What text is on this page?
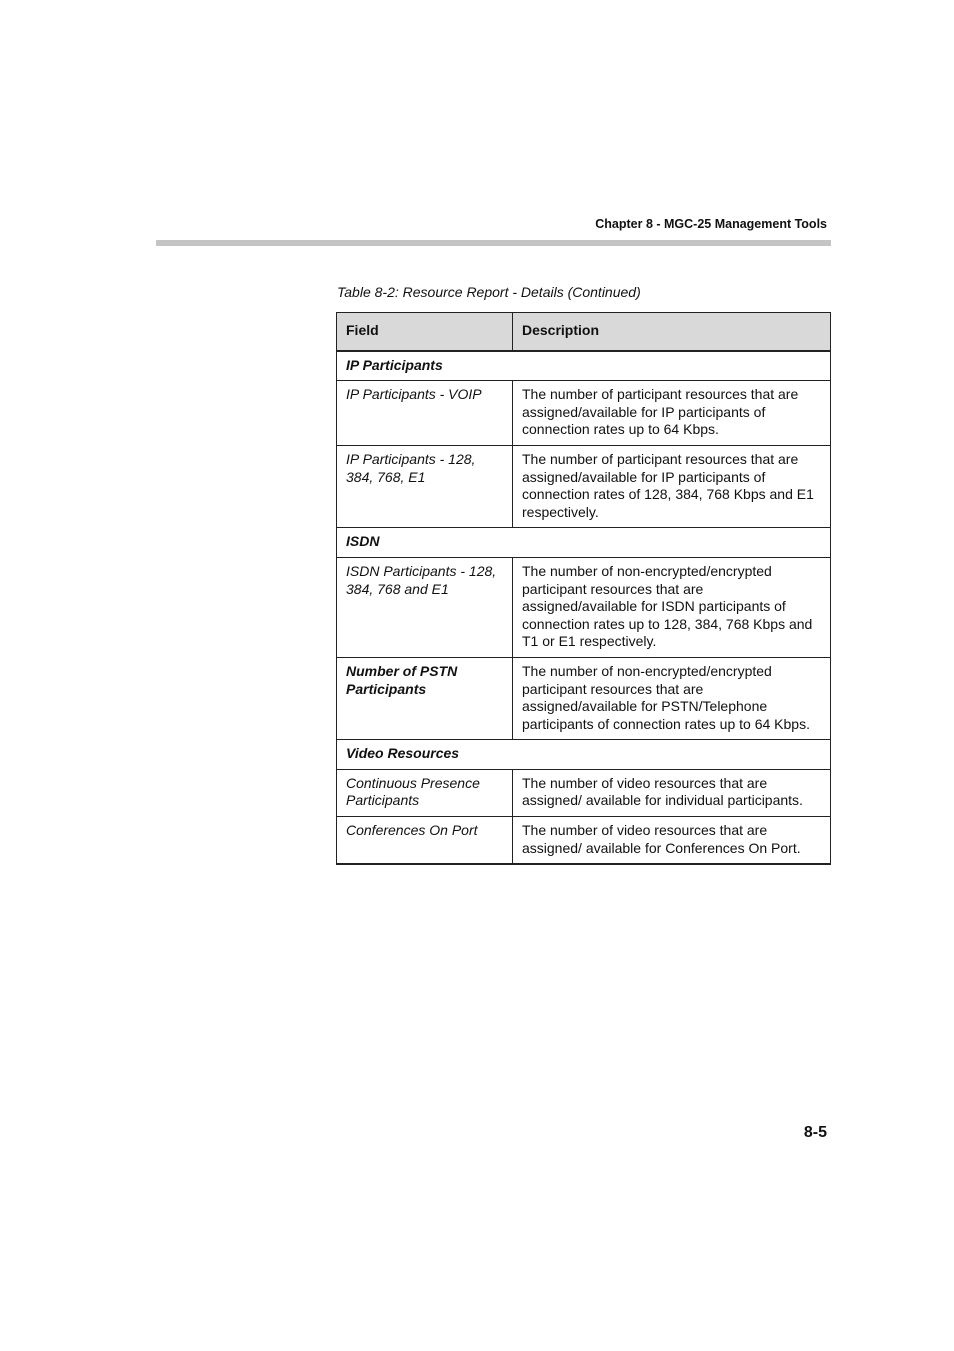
Chapter 8 - MGC-25 Management Tools
Table 8-2: Resource Report - Details (Continued)
Field	Description
IP Participants	
IP Participants - VOIP	The number of participant resources that are assigned/available for IP participants of connection rates up to 64 Kbps.
IP Participants - 128, 384, 768, E1	The number of participant resources that are assigned/available for IP participants of connection rates of 128, 384, 768 Kbps and E1 respectively.
ISDN	
ISDN Participants - 128, 384, 768 and E1	The number of non-encrypted/encrypted participant resources that are assigned/available for ISDN participants of connection rates up to 128, 384, 768 Kbps and T1 or E1 respectively.
Number of PSTN Participants	The number of non-encrypted/encrypted participant resources that are assigned/available for PSTN/Telephone participants of connection rates up to 64 Kbps.
Video Resources	
Continuous Presence Participants	The number of video resources that are assigned/ available for individual participants.
Conferences On Port	The number of video resources that are assigned/ available for Conferences On Port.
8-5
